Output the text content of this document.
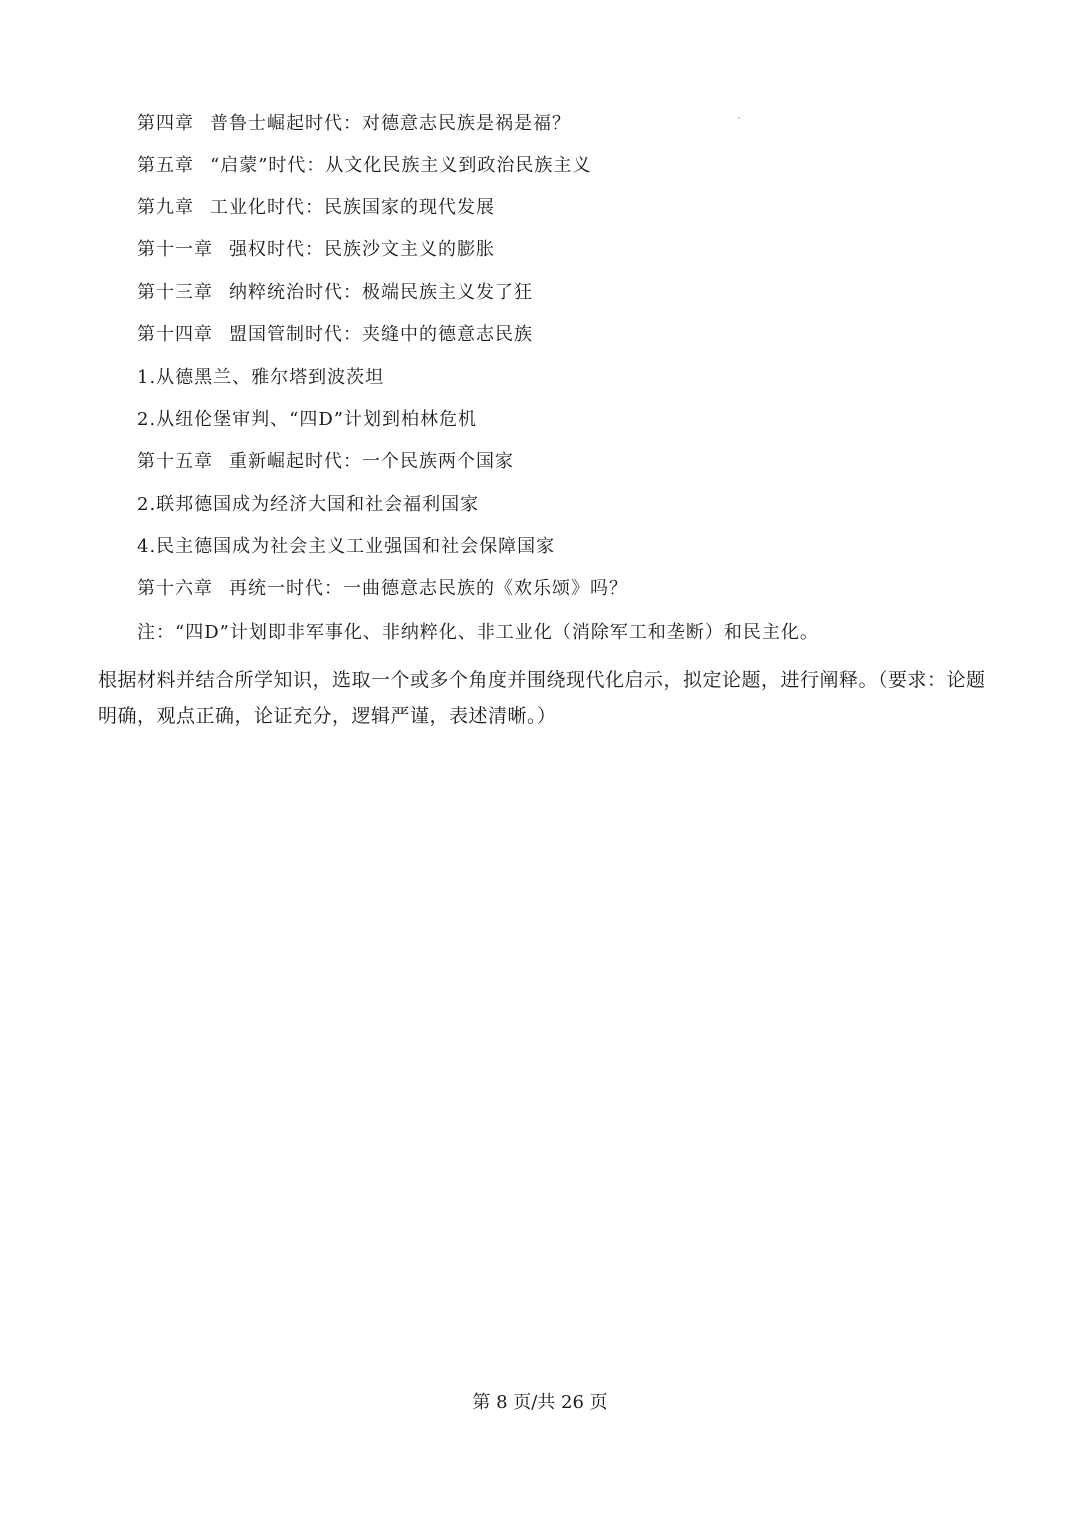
第四章 普鲁士崛起时代：对德意志民族是祸是福？
第五章 “启蒙”时代：从文化民族主义到政治民族主义
第九章 工业化时代：民族国家的现代发展
第十一章 强权时代：民族沙文主义的膨胀
第十三章 纳粹统治时代：极端民族主义发了狂
第十四章 盟国管制时代：夹缝中的德意志民族
1.从德黑兰、雅尔塔到波茨坦
2.从纽伦堡审判、“四D”计划到柏林危机
第十五章 重新崛起时代：一个民族两个国家
2.联邦德国成为经济大国和社会福利国家
4.民主德国成为社会主义工业强国和社会保障国家
第十六章 再统一时代：一曲德意志民族的《欢乐颂》吗？
注：“四D”计划即非军事化、非纳粹化、非工业化（消除军工和垄断）和民主化。
根据材料并结合所学知识，选取一个或多个角度并围绕现代化启示，拟定论题，进行阐释。（要求：论题明确，观点正确，论证充分，逻辑严谨，表述清晰。）
第 8 页/共 26 页
